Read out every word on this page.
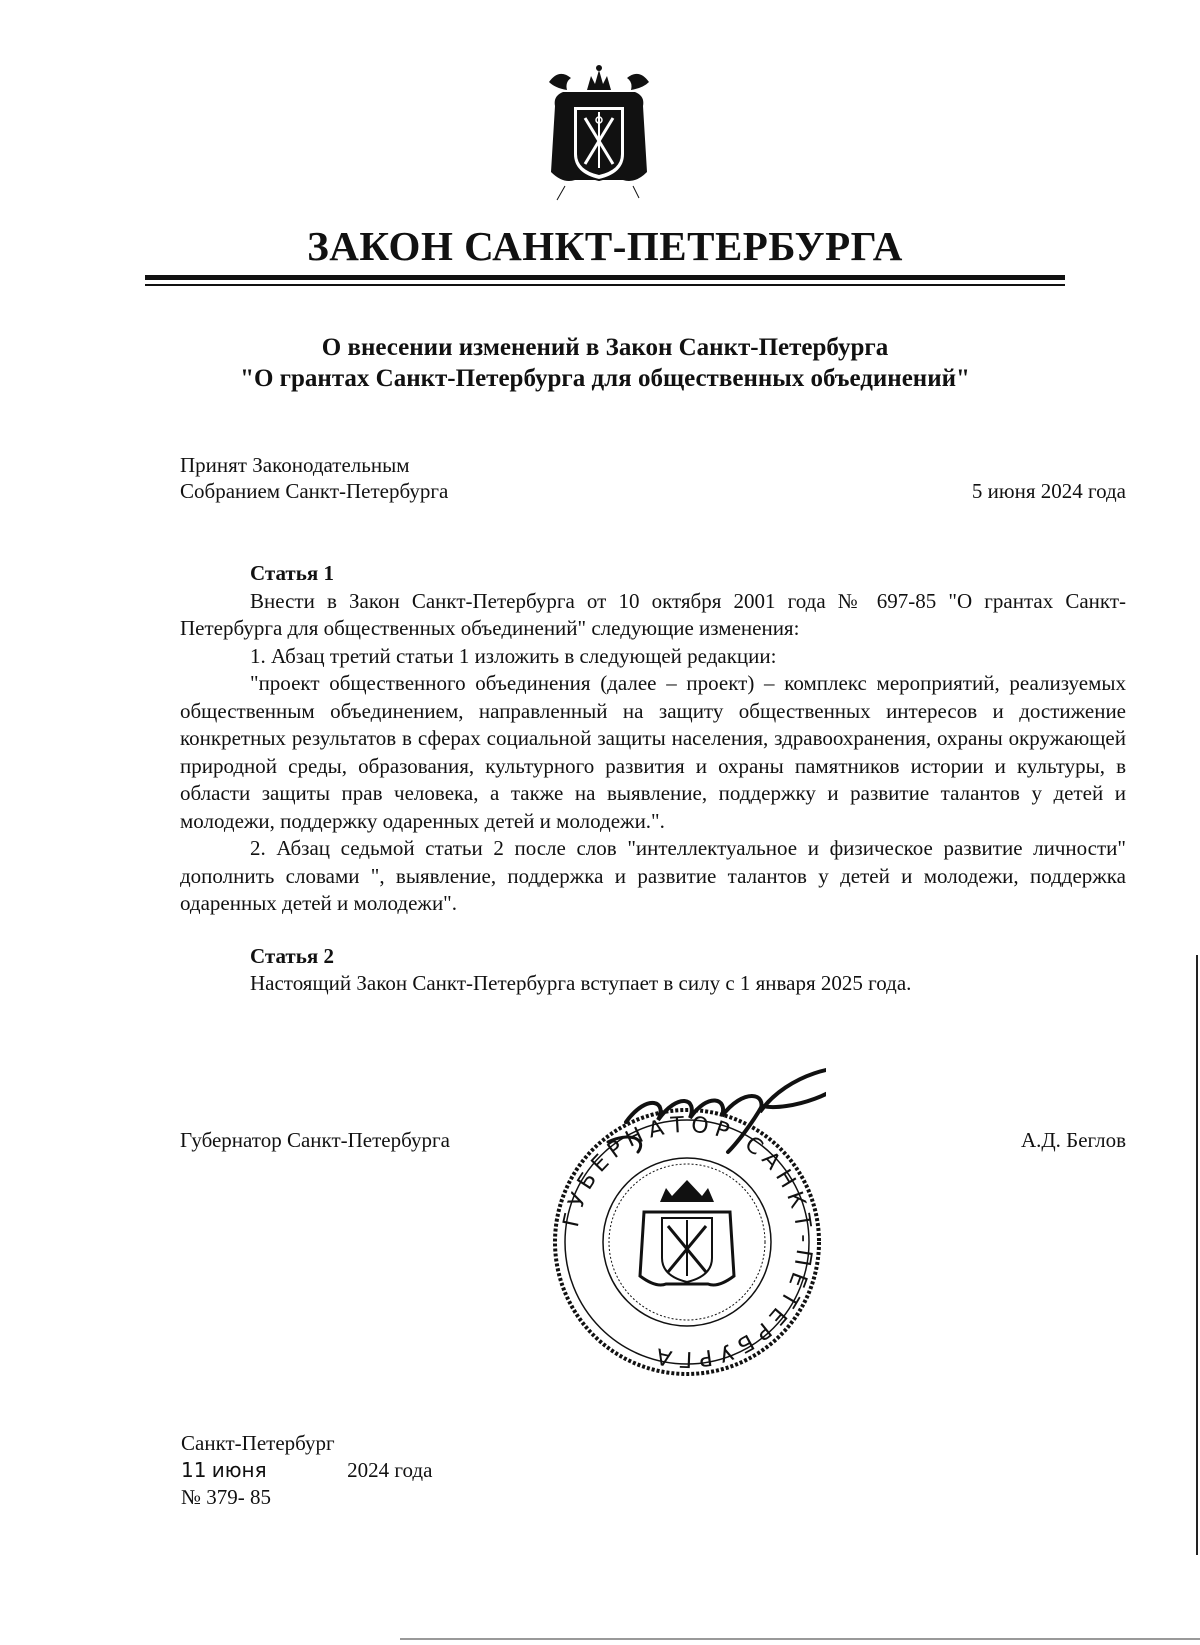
ЗАКОН САНКТ-ПЕТЕРБУРГА
О внесении изменений в Закон Санкт-Петербурга
"О грантах Санкт-Петербурга для общественных объединений"
Принят Законодательным
Собранием Санкт-Петербурга	5 июня 2024 года

Статья 1

Внести в Закон Санкт-Петербурга от 10 октября 2001 года № 697-85 "О грантах Санкт-Петербурга для общественных объединений" следующие изменения:

1. Абзац третий статьи 1 изложить в следующей редакции:

"проект общественного объединения (далее – проект) – комплекс мероприятий, реализуемых общественным объединением, направленный на защиту общественных интересов и достижение конкретных результатов в сферах социальной защиты населения, здравоохранения, охраны окружающей природной среды, образования, культурного развития и охраны памятников истории и культуры, в области защиты прав человека, а также на выявление, поддержку и развитие талантов у детей и молодежи, поддержку одаренных детей и молодежи.".

2. Абзац седьмой статьи 2 после слов "интеллектуальное и физическое развитие личности" дополнить словами ", выявление, поддержка и развитие талантов у детей и молодежи, поддержка одаренных детей и молодежи".

Статья 2

Настоящий Закон Санкт-Петербурга вступает в силу с 1 января 2025 года.

Губернатор Санкт-Петербурга	А.Д. Беглов
ГУБЕРНАТОР САНКТ-ПЕТЕРБУРГА
Санкт-Петербург
11 июня	2024 года
№ 379- 85
